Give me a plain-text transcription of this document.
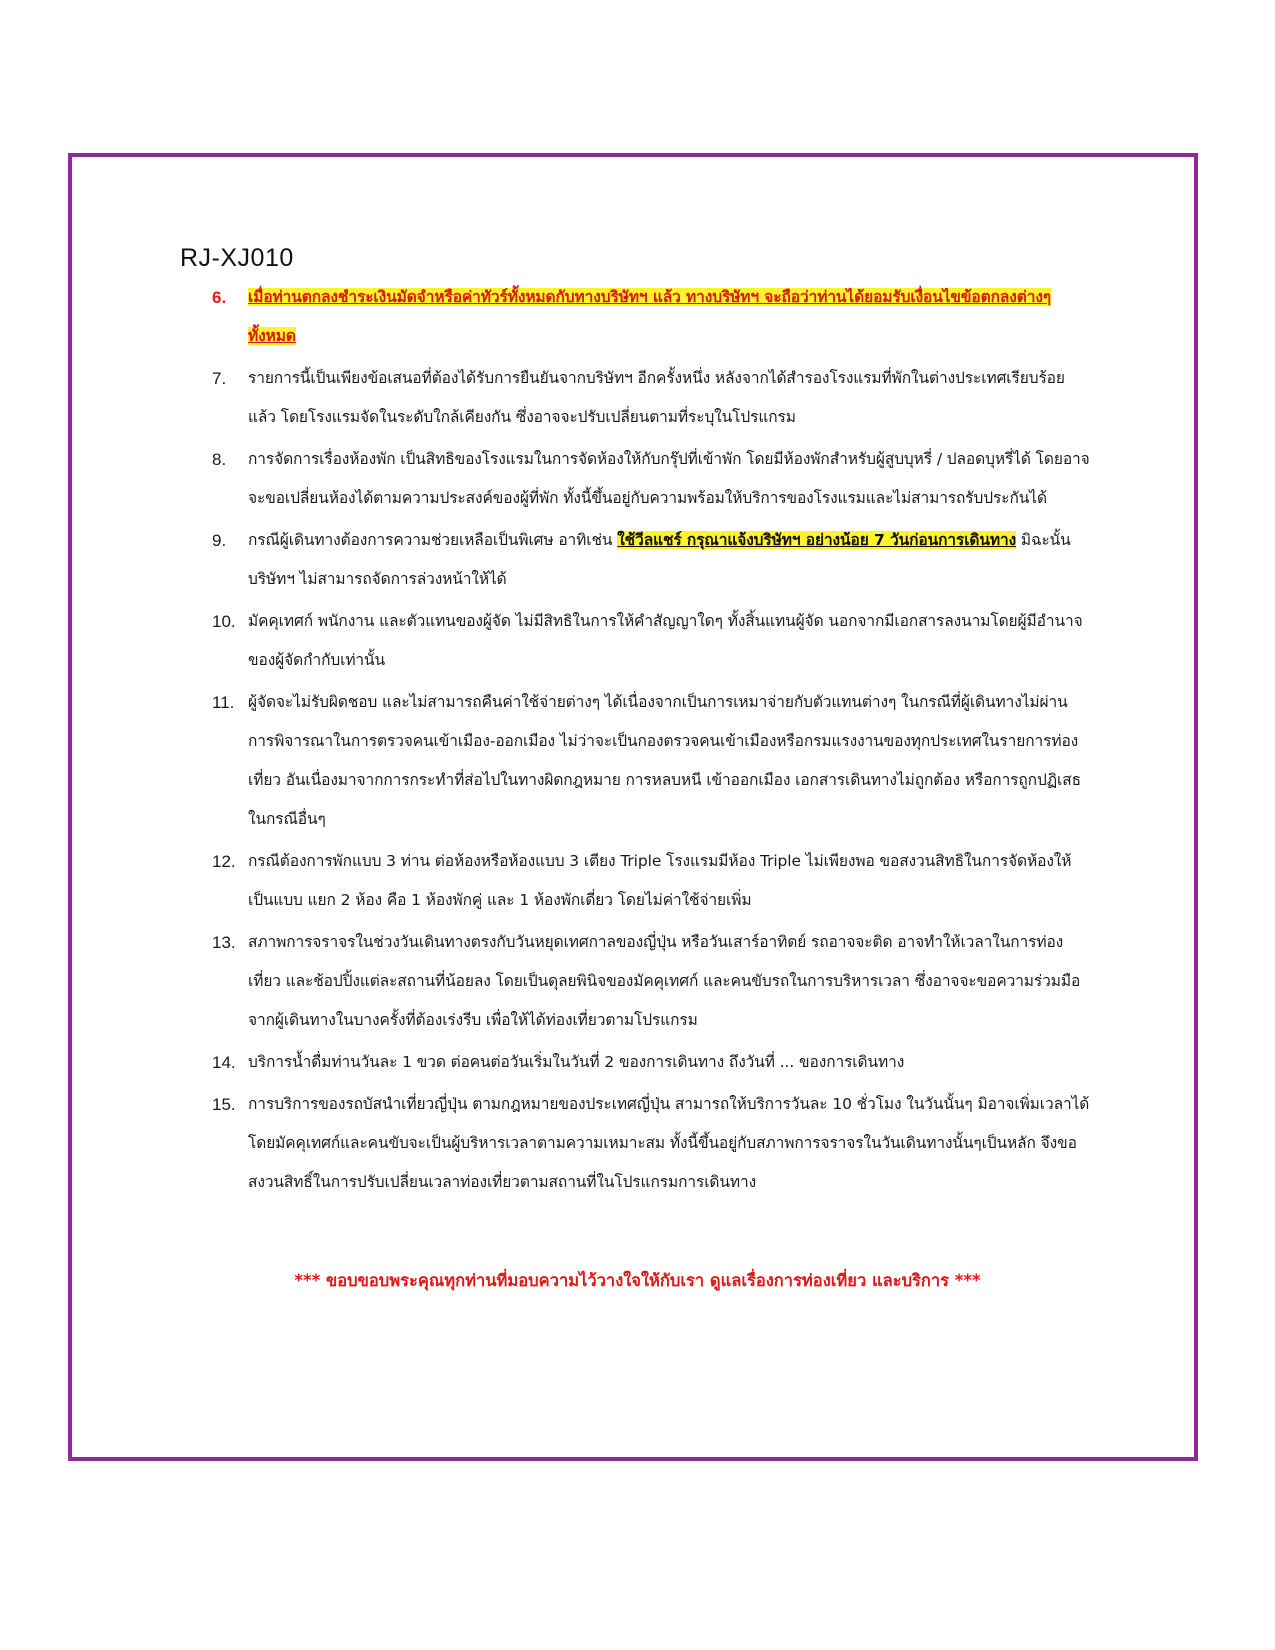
RJ-XJ010

6.	เมื่อท่านตกลงชำระเงินมัดจำหรือค่าทัวร์ทั้งหมดกับทางบริษัทฯ แล้ว ทางบริษัทฯ จะถือว่าท่านได้ยอมรับเงื่อนไขข้อตกลงต่างๆ ทั้งหมด
7.	รายการนี้เป็นเพียงข้อเสนอที่ต้องได้รับการยืนยันจากบริษัทฯ อีกครั้งหนึ่ง หลังจากได้สำรองโรงแรมที่พักในต่างประเทศเรียบร้อยแล้ว โดยโรงแรมจัดในระดับใกล้เคียงกัน ซึ่งอาจจะปรับเปลี่ยนตามที่ระบุในโปรแกรม
8.	การจัดการเรื่องห้องพัก เป็นสิทธิของโรงแรมในการจัดห้องให้กับกรุ๊ปที่เข้าพัก โดยมีห้องพักสำหรับผู้สูบบุหรี่ / ปลอดบุหรี่ได้ โดยอาจจะขอเปลี่ยนห้องได้ตามความประสงค์ของผู้ที่พัก ทั้งนี้ขึ้นอยู่กับความพร้อมให้บริการของโรงแรมและไม่สามารถรับประกันได้
9.	กรณีผู้เดินทางต้องการความช่วยเหลือเป็นพิเศษ อาทิเช่น ใช้วีลแชร์ กรุณาแจ้งบริษัทฯ อย่างน้อย 7 วันก่อนการเดินทาง มิฉะนั้นบริษัทฯ ไม่สามารถจัดการล่วงหน้าให้ได้
10. มัคคุเทศก์ พนักงาน และตัวแทนของผู้จัด ไม่มีสิทธิในการให้คำสัญญาใดๆ ทั้งสิ้นแทนผู้จัด นอกจากมีเอกสารลงนามโดยผู้มีอำนาจของผู้จัดกำกับเท่านั้น
11. ผู้จัดจะไม่รับผิดชอบ และไม่สามารถคืนค่าใช้จ่ายต่างๆ ได้เนื่องจากเป็นการเหมาจ่ายกับตัวแทนต่างๆ ในกรณีที่ผู้เดินทางไม่ผ่านการพิจารณาในการตรวจคนเข้าเมือง-ออกเมือง ไม่ว่าจะเป็นกองตรวจคนเข้าเมืองหรือกรมแรงงานของทุกประเทศในรายการท่องเที่ยว อันเนื่องมาจากการกระทำที่ส่อไปในทางผิดกฎหมาย การหลบหนี เข้าออกเมือง เอกสารเดินทางไม่ถูกต้อง หรือการถูกปฏิเสธในกรณีอื่นๆ
12. กรณีต้องการพักแบบ 3 ท่าน ต่อห้องหรือห้องแบบ 3 เตียง Triple โรงแรมมีห้อง Triple ไม่เพียงพอ ขอสงวนสิทธิในการจัดห้องให้เป็นแบบ แยก 2 ห้อง คือ 1 ห้องพักคู่ และ 1 ห้องพักเดี่ยว โดยไม่ค่าใช้จ่ายเพิ่ม
13. สภาพการจราจรในช่วงวันเดินทางตรงกับวันหยุดเทศกาลของญี่ปุ่น หรือวันเสาร์อาทิตย์ รถอาจจะติด อาจทำให้เวลาในการท่องเที่ยว และช้อปปิ้งแต่ละสถานที่น้อยลง โดยเป็นดุลยพินิจของมัคคุเทศก์ และคนขับรถในการบริหารเวลา ซึ่งอาจจะขอความร่วมมือจากผู้เดินทางในบางครั้งที่ต้องเร่งรีบ เพื่อให้ได้ท่องเที่ยวตามโปรแกรม
14. บริการน้ำดื่มท่านวันละ 1 ขวด ต่อคนต่อวันเริ่มในวันที่ 2 ของการเดินทาง ถึงวันที่ ... ของการเดินทาง
15. การบริการของรถบัสนำเที่ยวญี่ปุ่น ตามกฎหมายของประเทศญี่ปุ่น สามารถให้บริการวันละ 10 ชั่วโมง ในวันนั้นๆ มิอาจเพิ่มเวลาได้ โดยมัคคุเทศก์และคนขับจะเป็นผู้บริหารเวลาตามความเหมาะสม ทั้งนี้ขึ้นอยู่กับสภาพการจราจรในวันเดินทางนั้นๆเป็นหลัก จึงขอสงวนสิทธิ์ในการปรับเปลี่ยนเวลาท่องเที่ยวตามสถานที่ในโปรแกรมการเดินทาง

*** ขอบขอบพระคุณทุกท่านที่มอบความไว้วางใจให้กับเรา ดูแลเรื่องการท่องเที่ยว และบริการ ***
